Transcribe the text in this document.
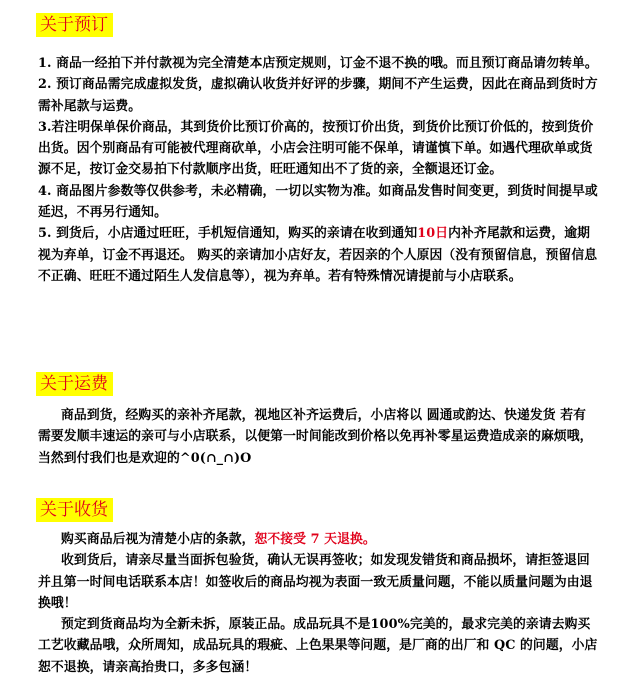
关于预订

1. 商品一经拍下并付款视为完全清楚本店预定规则，订金不退不换的哦。而且预订商品请勿转单。

2. 预订商品需完成虚拟发货，虚拟确认收货并好评的步骤，期间不产生运费，因此在商品到货时方需补尾款与运费。

3.若注明保单保价商品，其到货价比预订价高的，按预订价出货，到货价比预订价低的，按到货价出货。因个别商品有可能被代理商砍单，小店会注明可能不保单，请谨慎下单。如遇代理砍单或货源不足，按订金交易拍下付款顺序出货，旺旺通知出不了货的亲，全额退还订金。

4. 商品图片参数等仅供参考，未必精确，一切以实物为准。如商品发售时间变更，到货时间提早或延迟，不再另行通知。

5. 到货后，小店通过旺旺，手机短信通知，购买的亲请在收到通知10日内补齐尾款和运费，逾期视为弃单，订金不再退还。 购买的亲请加小店好友，若因亲的个人原因（没有预留信息，预留信息不正确、旺旺不通过陌生人发信息等），视为弃单。若有特殊情况请提前与小店联系。

关于运费

商品到货，经购买的亲补齐尾款，视地区补齐运费后，小店将以 圆通或韵达、快递发货 若有需要发顺丰速运的亲可与小店联系，以便第一时间能改到价格以免再补零星运费造成亲的麻烦哦，当然到付我们也是欢迎的^0(∩_∩)O

关于收货

购买商品后视为清楚小店的条款，恕不接受 7 天退换。

收到货后，请亲尽量当面拆包验货，确认无误再签收；如发现发错货和商品损坏，请拒签退回并且第一时间电话联系本店！如签收后的商品均视为表面一致无质量问题，不能以质量问题为由退换哦！

预定到货商品均为全新未拆，原装正品。成品玩具不是100%完美的，最求完美的亲请去购买工艺收藏品哦，众所周知，成品玩具的瑕疵、上色果果等问题，是厂商的出厂和 QC 的问题，小店恕不退换，请亲高抬贵口，多多包涵！
